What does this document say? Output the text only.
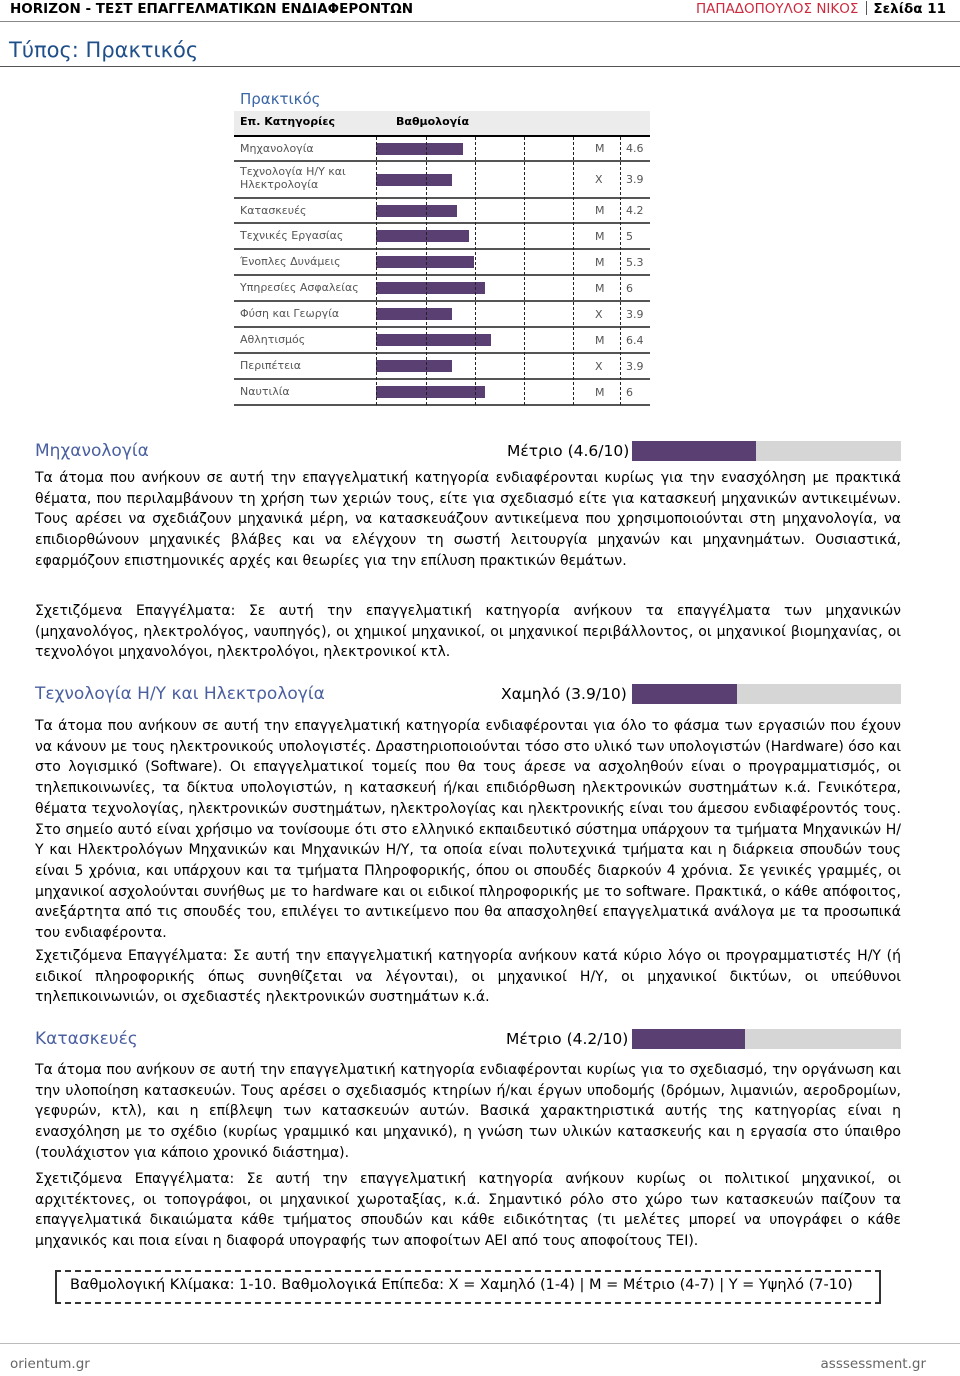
HORIZON - ΤΕΣΤ ΕΠΑΓΓΕΛΜΑΤΙΚΩΝ ΕΝΔΙΑΦΕΡΟΝΤΩΝ	ΠΑΠΑΔΟΠΟΥΛΟΣ ΝΙΚΟΣ Σελίδα 11
Τύπος: Πρακτικός
Πρακτικός
Επ. Κατηγορίες	Βαθμολογία
Μηχανολογία	Μ 4.6
Τεχνολογία Η/Υ και
Ηλεκτρολογία	Χ 3.9
Κατασκευές	Μ 4.2
Τεχνικές Εργασίας	Μ 5
Ένοπλες Δυνάμεις	Μ 5.3
Υπηρεσίες Ασφαλείας	Μ 6
Φύση και Γεωργία	Χ 3.9
Αθλητισμός	Μ 6.4
Περιπέτεια	Χ 3.9
Ναυτιλία	Μ 6
Μηχανολογία	Μέτριο (4.6/10)

Τα άτομα που ανήκουν σε αυτή την επαγγελματική κατηγορία ενδιαφέρονται κυρίως για την ενασχόληση με πρακτικά θέματα, που περιλαμβάνουν τη χρήση των χεριών τους, είτε για σχεδιασμό είτε για κατασκευή μηχανικών αντικειμένων. Τους αρέσει να σχεδιάζουν μηχανικά μέρη, να κατασκευάζουν αντικείμενα που χρησιμοποιούνται στη μηχανολογία, να επιδιορθώνουν μηχανικές βλάβες και να ελέγχουν τη σωστή λειτουργία μηχανών και μηχανημάτων. Ουσιαστικά, εφαρμόζουν επιστημονικές αρχές και θεωρίες για την επίλυση πρακτικών θεμάτων.

Σχετιζόμενα Επαγγέλματα: Σε αυτή την επαγγελματική κατηγορία ανήκουν τα επαγγέλματα των μηχανικών (μηχανολόγος, ηλεκτρολόγος, ναυπηγός), οι χημικοί μηχανικοί, οι μηχανικοί περιβάλλοντος, οι μηχανικοί βιομηχανίας, οι τεχνολόγοι μηχανολόγοι, ηλεκτρολόγοι, ηλεκτρονικοί κτλ.

Τεχνολογία Η/Υ και Ηλεκτρολογία	Χαμηλό (3.9/10)

Τα άτομα που ανήκουν σε αυτή την επαγγελματική κατηγορία ενδιαφέρονται για όλο το φάσμα των εργασιών που έχουν να κάνουν με τους ηλεκτρονικούς υπολογιστές. Δραστηριοποιούνται τόσο στο υλικό των υπολογιστών (Hardware) όσο και στο λογισμικό (Software). Οι επαγγελματικοί τομείς που θα τους άρεσε να ασχοληθούν είναι ο προγραμματισμός, οι τηλεπικοινωνίες, τα δίκτυα υπολογιστών, η κατασκευή ή/και επιδιόρθωση ηλεκτρονικών συστημάτων κ.ά. Γενικότερα, θέματα τεχνολογίας, ηλεκτρονικών συστημάτων, ηλεκτρολογίας και ηλεκτρονικής είναι του άμεσου ενδιαφέροντός τους. Στο σημείο αυτό είναι χρήσιμο να τονίσουμε ότι στο ελληνικό εκπαιδευτικό σύστημα υπάρχουν τα τμήματα Μηχανικών Η/Υ και Ηλεκτρολόγων Μηχανικών και Μηχανικών Η/Υ, τα οποία είναι πολυτεχνικά τμήματα και η διάρκεια σπουδών τους είναι 5 χρόνια, και υπάρχουν και τα τμήματα Πληροφορικής, όπου οι σπουδές διαρκούν 4 χρόνια. Σε γενικές γραμμές, οι μηχανικοί ασχολούνται συνήθως με το hardware και οι ειδικοί πληροφορικής με το software. Πρακτικά, ο κάθε απόφοιτος, ανεξάρτητα από τις σπουδές του, επιλέγει το αντικείμενο που θα απασχοληθεί επαγγελματικά ανάλογα με τα προσωπικά του ενδιαφέροντα.

Σχετιζόμενα Επαγγέλματα: Σε αυτή την επαγγελματική κατηγορία ανήκουν κατά κύριο λόγο οι προγραμματιστές Η/Υ (ή ειδικοί πληροφορικής όπως συνηθίζεται να λέγονται), οι μηχανικοί Η/Υ, οι μηχανικοί δικτύων, οι υπεύθυνοι τηλεπικοινωνιών, οι σχεδιαστές ηλεκτρονικών συστημάτων κ.ά.

Κατασκευές	Μέτριο (4.2/10)

Τα άτομα που ανήκουν σε αυτή την επαγγελματική κατηγορία ενδιαφέρονται κυρίως για το σχεδιασμό, την οργάνωση και την υλοποίηση κατασκευών. Τους αρέσει ο σχεδιασμός κτηρίων ή/και έργων υποδομής (δρόμων, λιμανιών, αεροδρομίων, γεφυρών, κτλ), και η επίβλεψη των κατασκευών αυτών. Βασικά χαρακτηριστικά αυτής της κατηγορίας είναι η ενασχόληση με το σχέδιο (κυρίως γραμμικό και μηχανικό), η γνώση των υλικών κατασκευής και η εργασία στο ύπαιθρο (τουλάχιστον για κάποιο χρονικό διάστημα).

Σχετιζόμενα Επαγγέλματα: Σε αυτή την επαγγελματική κατηγορία ανήκουν κυρίως οι πολιτικοί μηχανικοί, οι αρχιτέκτονες, οι τοπογράφοι, οι μηχανικοί χωροταξίας, κ.ά. Σημαντικό ρόλο στο χώρο των κατασκευών παίζουν τα επαγγελματικά δικαιώματα κάθε τμήματος σπουδών και κάθε ειδικότητας (τι μελέτες μπορεί να υπογράφει ο κάθε μηχανικός και ποια είναι η διαφορά υπογραφής των αποφοίτων ΑΕΙ από τους αποφοίτους ΤΕΙ).

Βαθμολογική Κλίμακα: 1-10. Βαθμολογικά Επίπεδα: Χ = Χαμηλό (1-4) | Μ = Μέτριο (4-7) | Υ = Υψηλό (7-10)
orientum.gr	asssessment.gr
